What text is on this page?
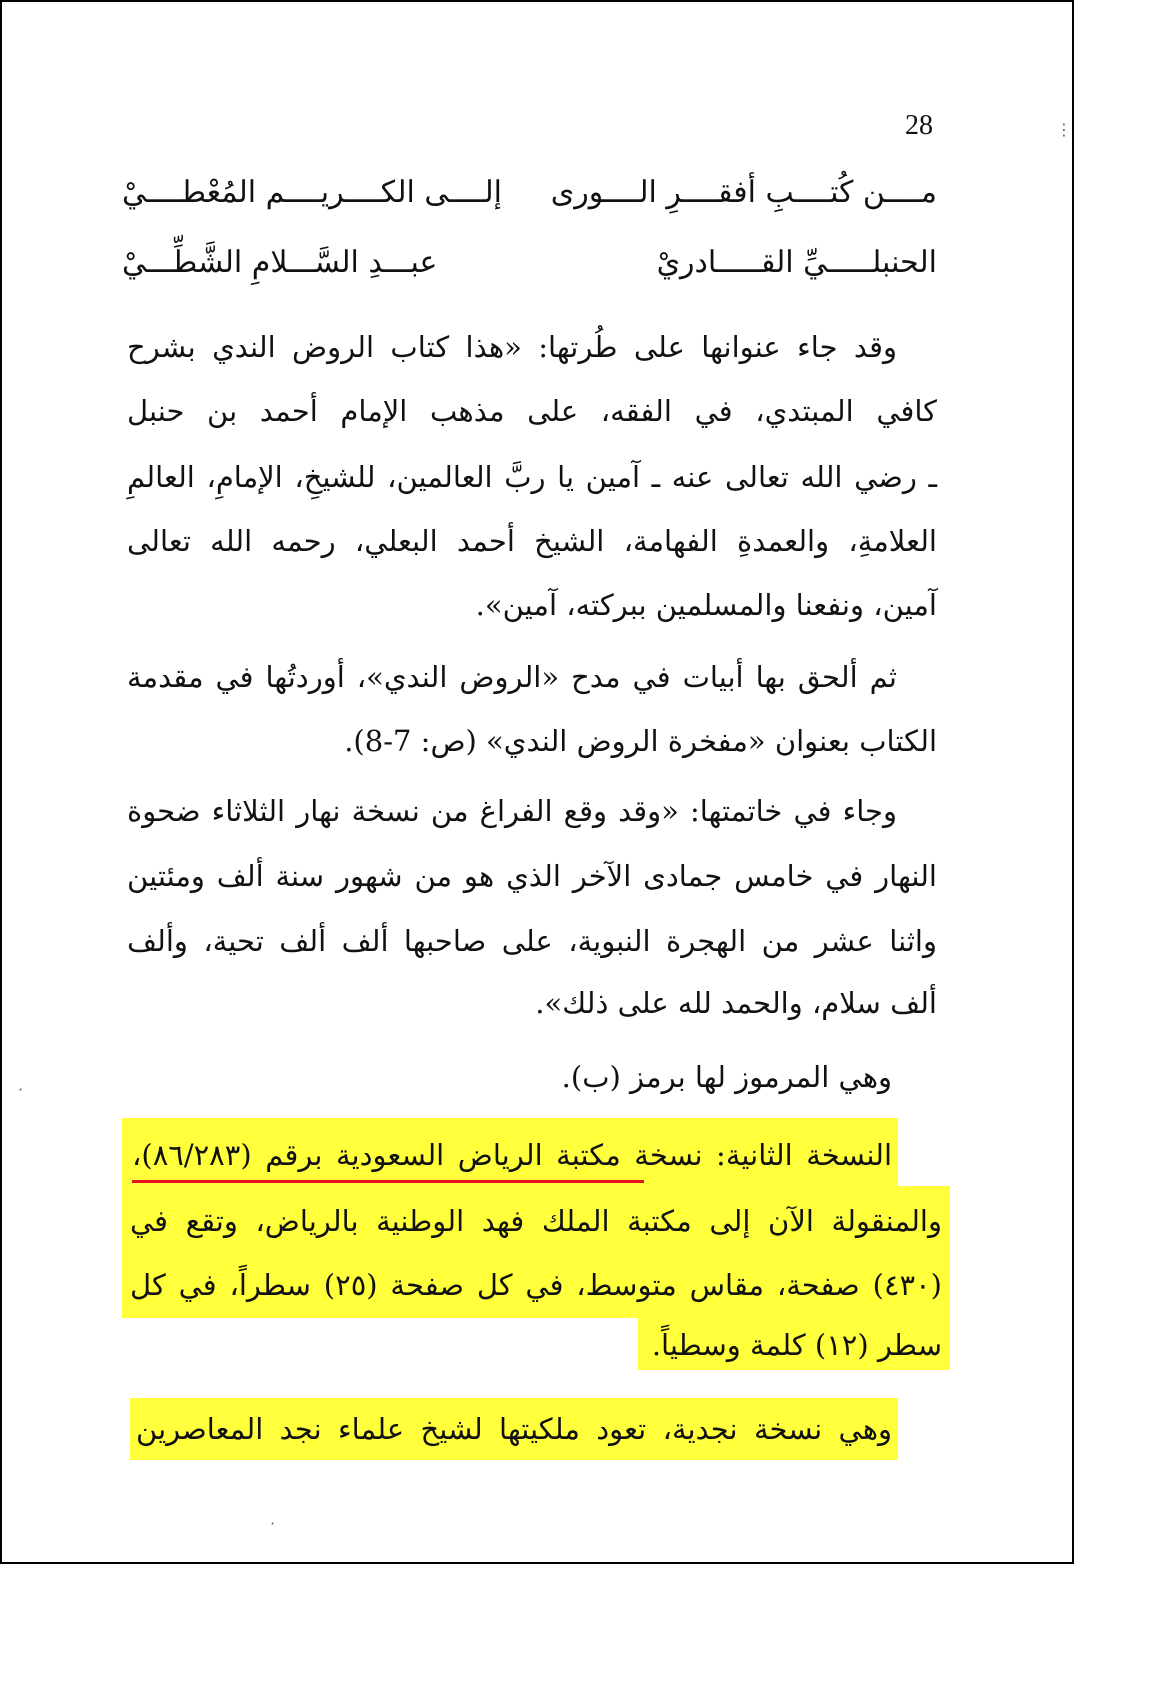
⋮
·
·
28
مــــن كُتــــبِ أفقــــرِ الــــورى
إلــــى الكــــريــــم المُعْطــــيْ
الحنبلـــــيِّ القـــــادريْ
عبـــدِ السَّـــلامِ الشَّطِّـــيْ
وقد جاء عنوانها على طُرتها: «هذا كتاب الروض الندي بشرح
كافي المبتدي، في الفقه، على مذهب الإمام أحمد بن حنبل
ـ رضي الله تعالى عنه ـ آمين يا ربَّ العالمين، للشيخِ، الإمامِ، العالمِ
العلامةِ، والعمدةِ الفهامة، الشيخ أحمد البعلي، رحمه الله تعالى
آمين، ونفعنا والمسلمين ببركته، آمين».
ثم ألحق بها أبيات في مدح «الروض الندي»، أوردتُها في مقدمة
الكتاب بعنوان «مفخرة الروض الندي» (ص: 7-8).
وجاء في خاتمتها: «وقد وقع الفراغ من نسخة نهار الثلاثاء ضحوة
النهار في خامس جمادى الآخر الذي هو من شهور سنة ألف ومئتين
واثنا عشر من الهجرة النبوية، على صاحبها ألف ألف تحية، وألف
ألف سلام، والحمد لله على ذلك».
وهي المرموز لها برمز (ب).
النسخة الثانية: نسخة مكتبة الرياض السعودية برقم (٨٦/٢٨٣)،
والمنقولة الآن إلى مكتبة الملك فهد الوطنية بالرياض، وتقع في
(٤٣٠) صفحة، مقاس متوسط، في كل صفحة (٢٥) سطراً، في كل
سطر (١٢) كلمة وسطياً.
وهي نسخة نجدية، تعود ملكيتها لشيخ علماء نجد المعاصرين
